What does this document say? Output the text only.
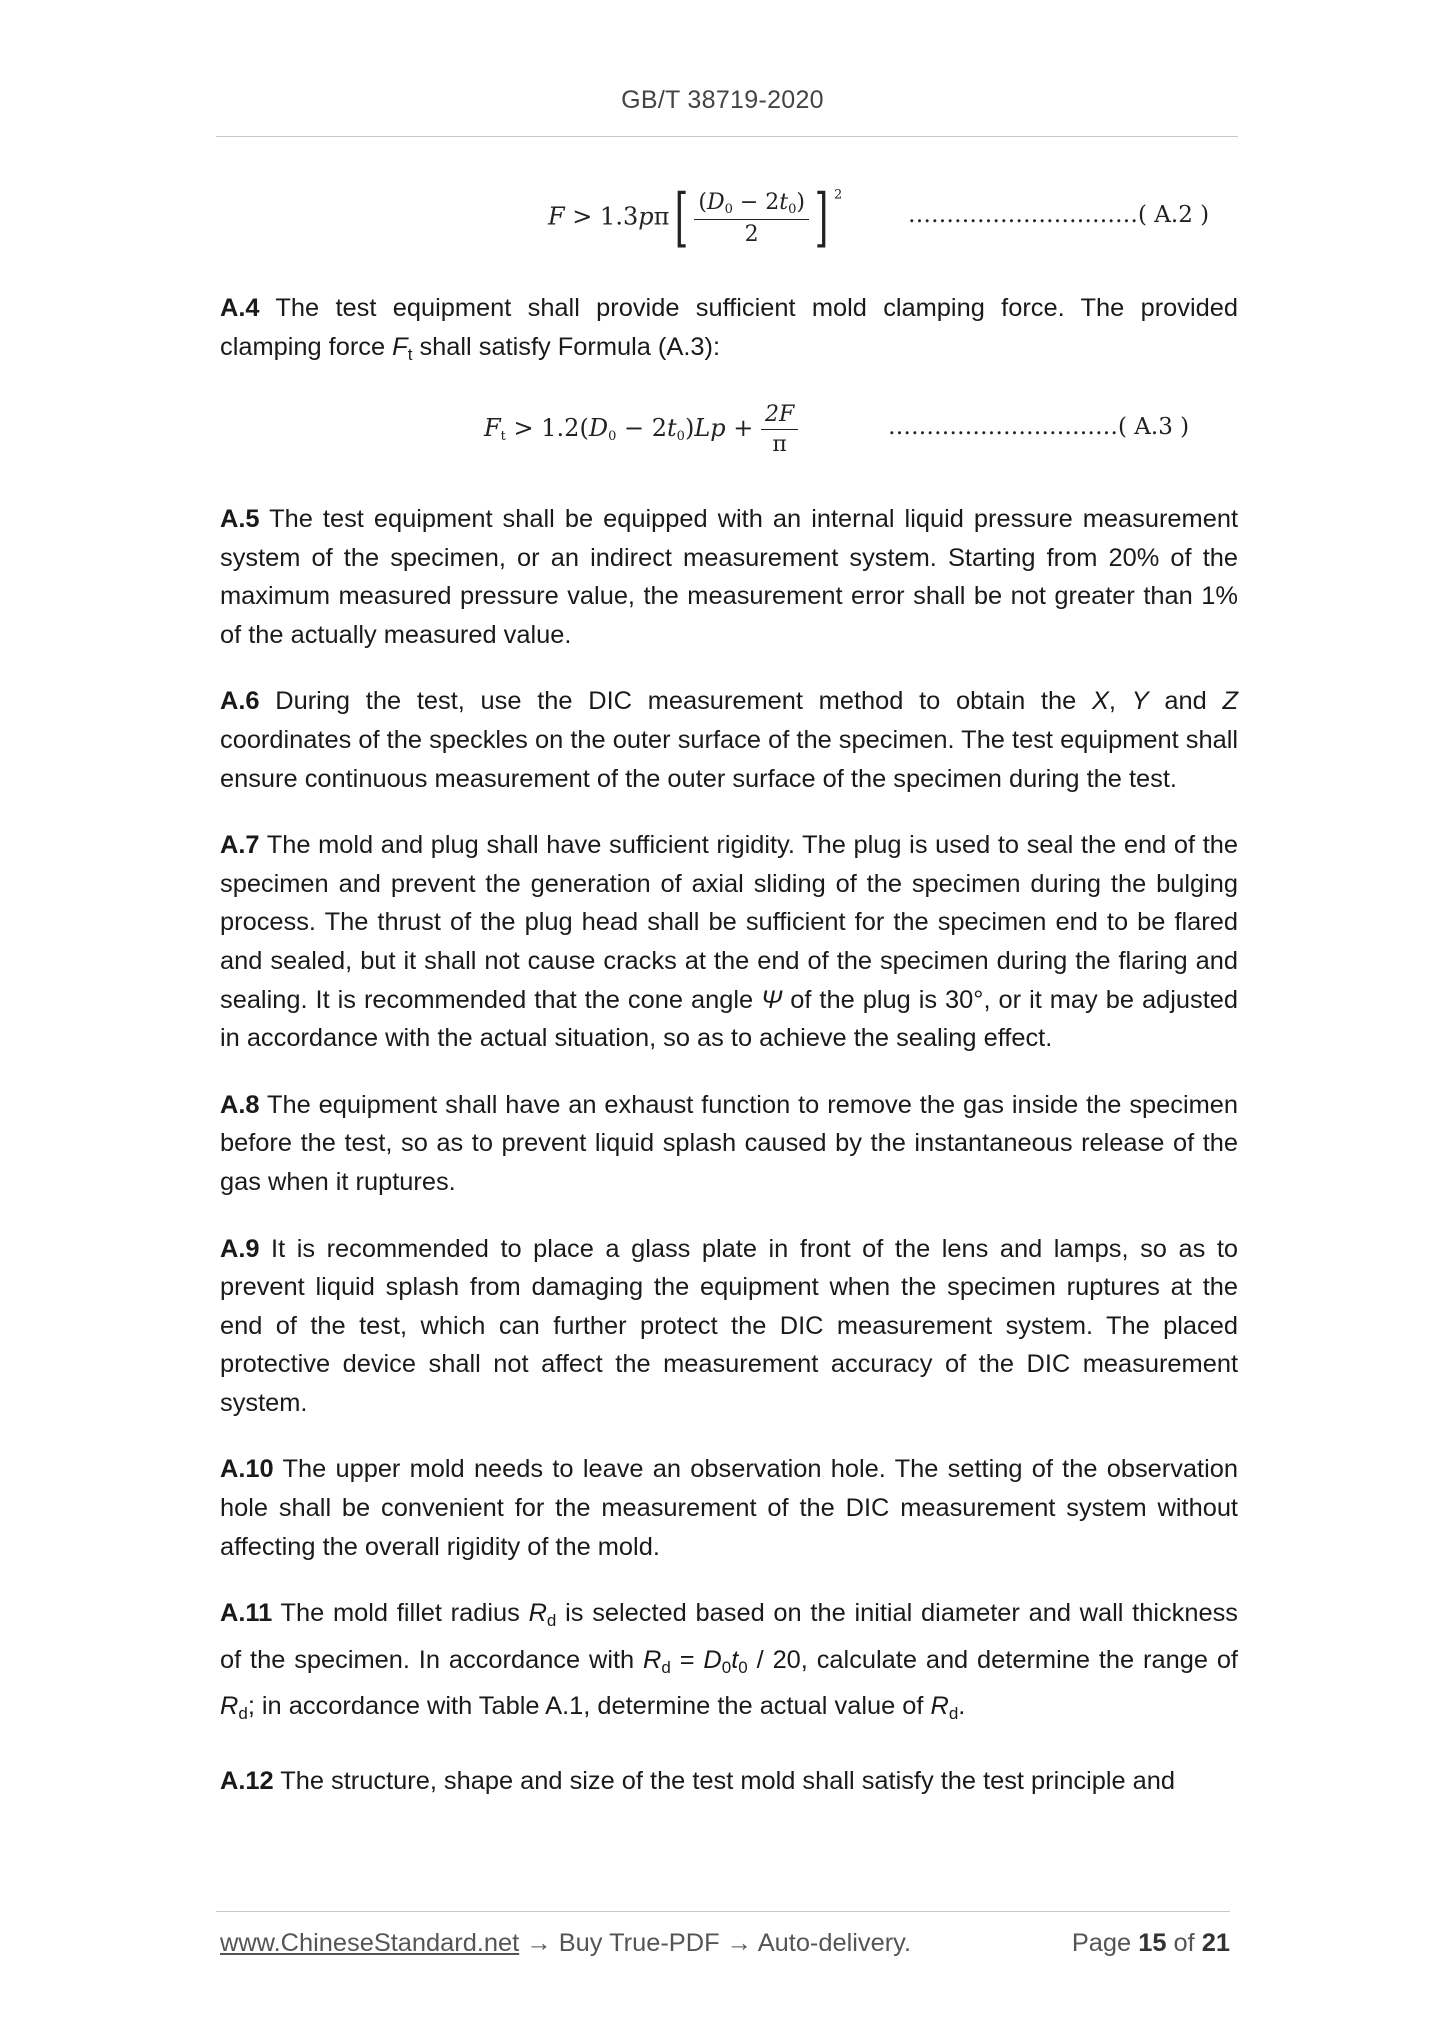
GB/T 38719-2020
$F > 1.3p\pi[ \frac{(D_0 - 2t_0)}{2}$ ] $^2$
…………………………( A.2 )
$F_t > 1.2(D_0 - 2t_0)Lp + \frac{2F}{\pi}$	…………………………( A.3 )

A.4 The test equipment shall provide sufficient mold clamping force. The provided clamping force $F_t$ shall satisfy Formula (A.3):

A.5 The test equipment shall be equipped with an internal liquid pressure measurement system of the specimen, or an indirect measurement system. Starting from 20% of the maximum measured pressure value, the measurement error shall be not greater than 1% of the actually measured value.

A.6 During the test, use the DIC measurement method to obtain the X, Y and Z coordinates of the speckles on the outer surface of the specimen. The test equipment shall ensure continuous measurement of the outer surface of the specimen during the test.

A.7 The mold and plug shall have sufficient rigidity. The plug is used to seal the end of the specimen and prevent the generation of axial sliding of the specimen during the bulging process. The thrust of the plug head shall be sufficient for the specimen end to be flared and sealed, but it shall not cause cracks at the end of the specimen during the flaring and sealing. It is recommended that the cone angle Ψ of the plug is 30°, or it may be adjusted in accordance with the actual situation, so as to achieve the sealing effect.

A.8 The equipment shall have an exhaust function to remove the gas inside the specimen before the test, so as to prevent liquid splash caused by the instantaneous release of the gas when it ruptures.

A.9 It is recommended to place a glass plate in front of the lens and lamps, so as to prevent liquid splash from damaging the equipment when the specimen ruptures at the end of the test, which can further protect the DIC measurement system. The placed protective device shall not affect the measurement accuracy of the DIC measurement system.

A.10 The upper mold needs to leave an observation hole. The setting of the observation hole shall be convenient for the measurement of the DIC measurement system without affecting the overall rigidity of the mold.

A.11 The mold fillet radius $R_d$ is selected based on the initial diameter and wall thickness of the specimen. In accordance with $R_d = D_0t_0 / 20$, calculate and determine the range of $R_d$; in accordance with Table A.1, determine the actual value of $R_d$.

A.12 The structure, shape and size of the test mold shall satisfy the test principle and

www.ChineseStandard.net → Buy True-PDF → Auto-delivery.	Page 15 of 21
